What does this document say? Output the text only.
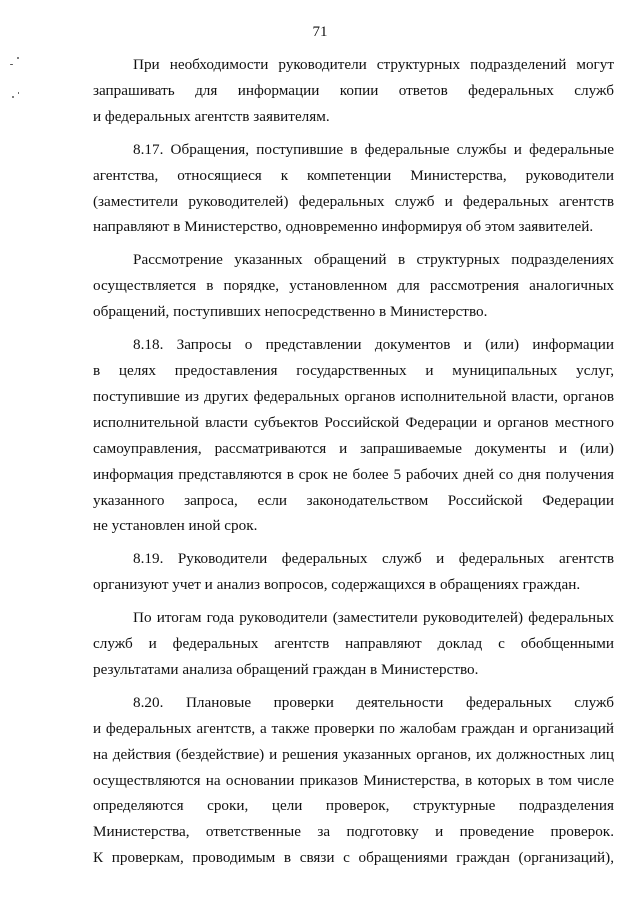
71
При необходимости руководители структурных подразделений могут
запрашивать для информации копии ответов федеральных служб
и федеральных агентств заявителям.
8.17. Обращения, поступившие в федеральные службы и федеральные
агентства, относящиеся к компетенции Министерства, руководители
(заместители руководителей) федеральных служб и федеральных агентств
направляют в Министерство, одновременно информируя об этом заявителей.
Рассмотрение указанных обращений в структурных подразделениях
осуществляется в порядке, установленном для рассмотрения аналогичных
обращений, поступивших непосредственно в Министерство.
8.18. Запросы о представлении документов и (или) информации
в целях предоставления государственных и муниципальных услуг,
поступившие из других федеральных органов исполнительной власти, органов
исполнительной власти субъектов Российской Федерации и органов местного
самоуправления, рассматриваются и запрашиваемые документы и (или)
информация представляются в срок не более 5 рабочих дней со дня получения
указанного запроса, если законодательством Российской Федерации
не установлен иной срок.
8.19. Руководители федеральных служб и федеральных агентств
организуют учет и анализ вопросов, содержащихся в обращениях граждан.
По итогам года руководители (заместители руководителей) федеральных
служб и федеральных агентств направляют доклад с обобщенными
результатами анализа обращений граждан в Министерство.
8.20. Плановые проверки деятельности федеральных служб
и федеральных агентств, а также проверки по жалобам граждан и организаций
на действия (бездействие) и решения указанных органов, их должностных лиц
осуществляются на основании приказов Министерства, в которых в том числе
определяются сроки, цели проверок, структурные подразделения
Министерства, ответственные за подготовку и проведение проверок.
К проверкам, проводимым в связи с обращениями граждан (организаций),
